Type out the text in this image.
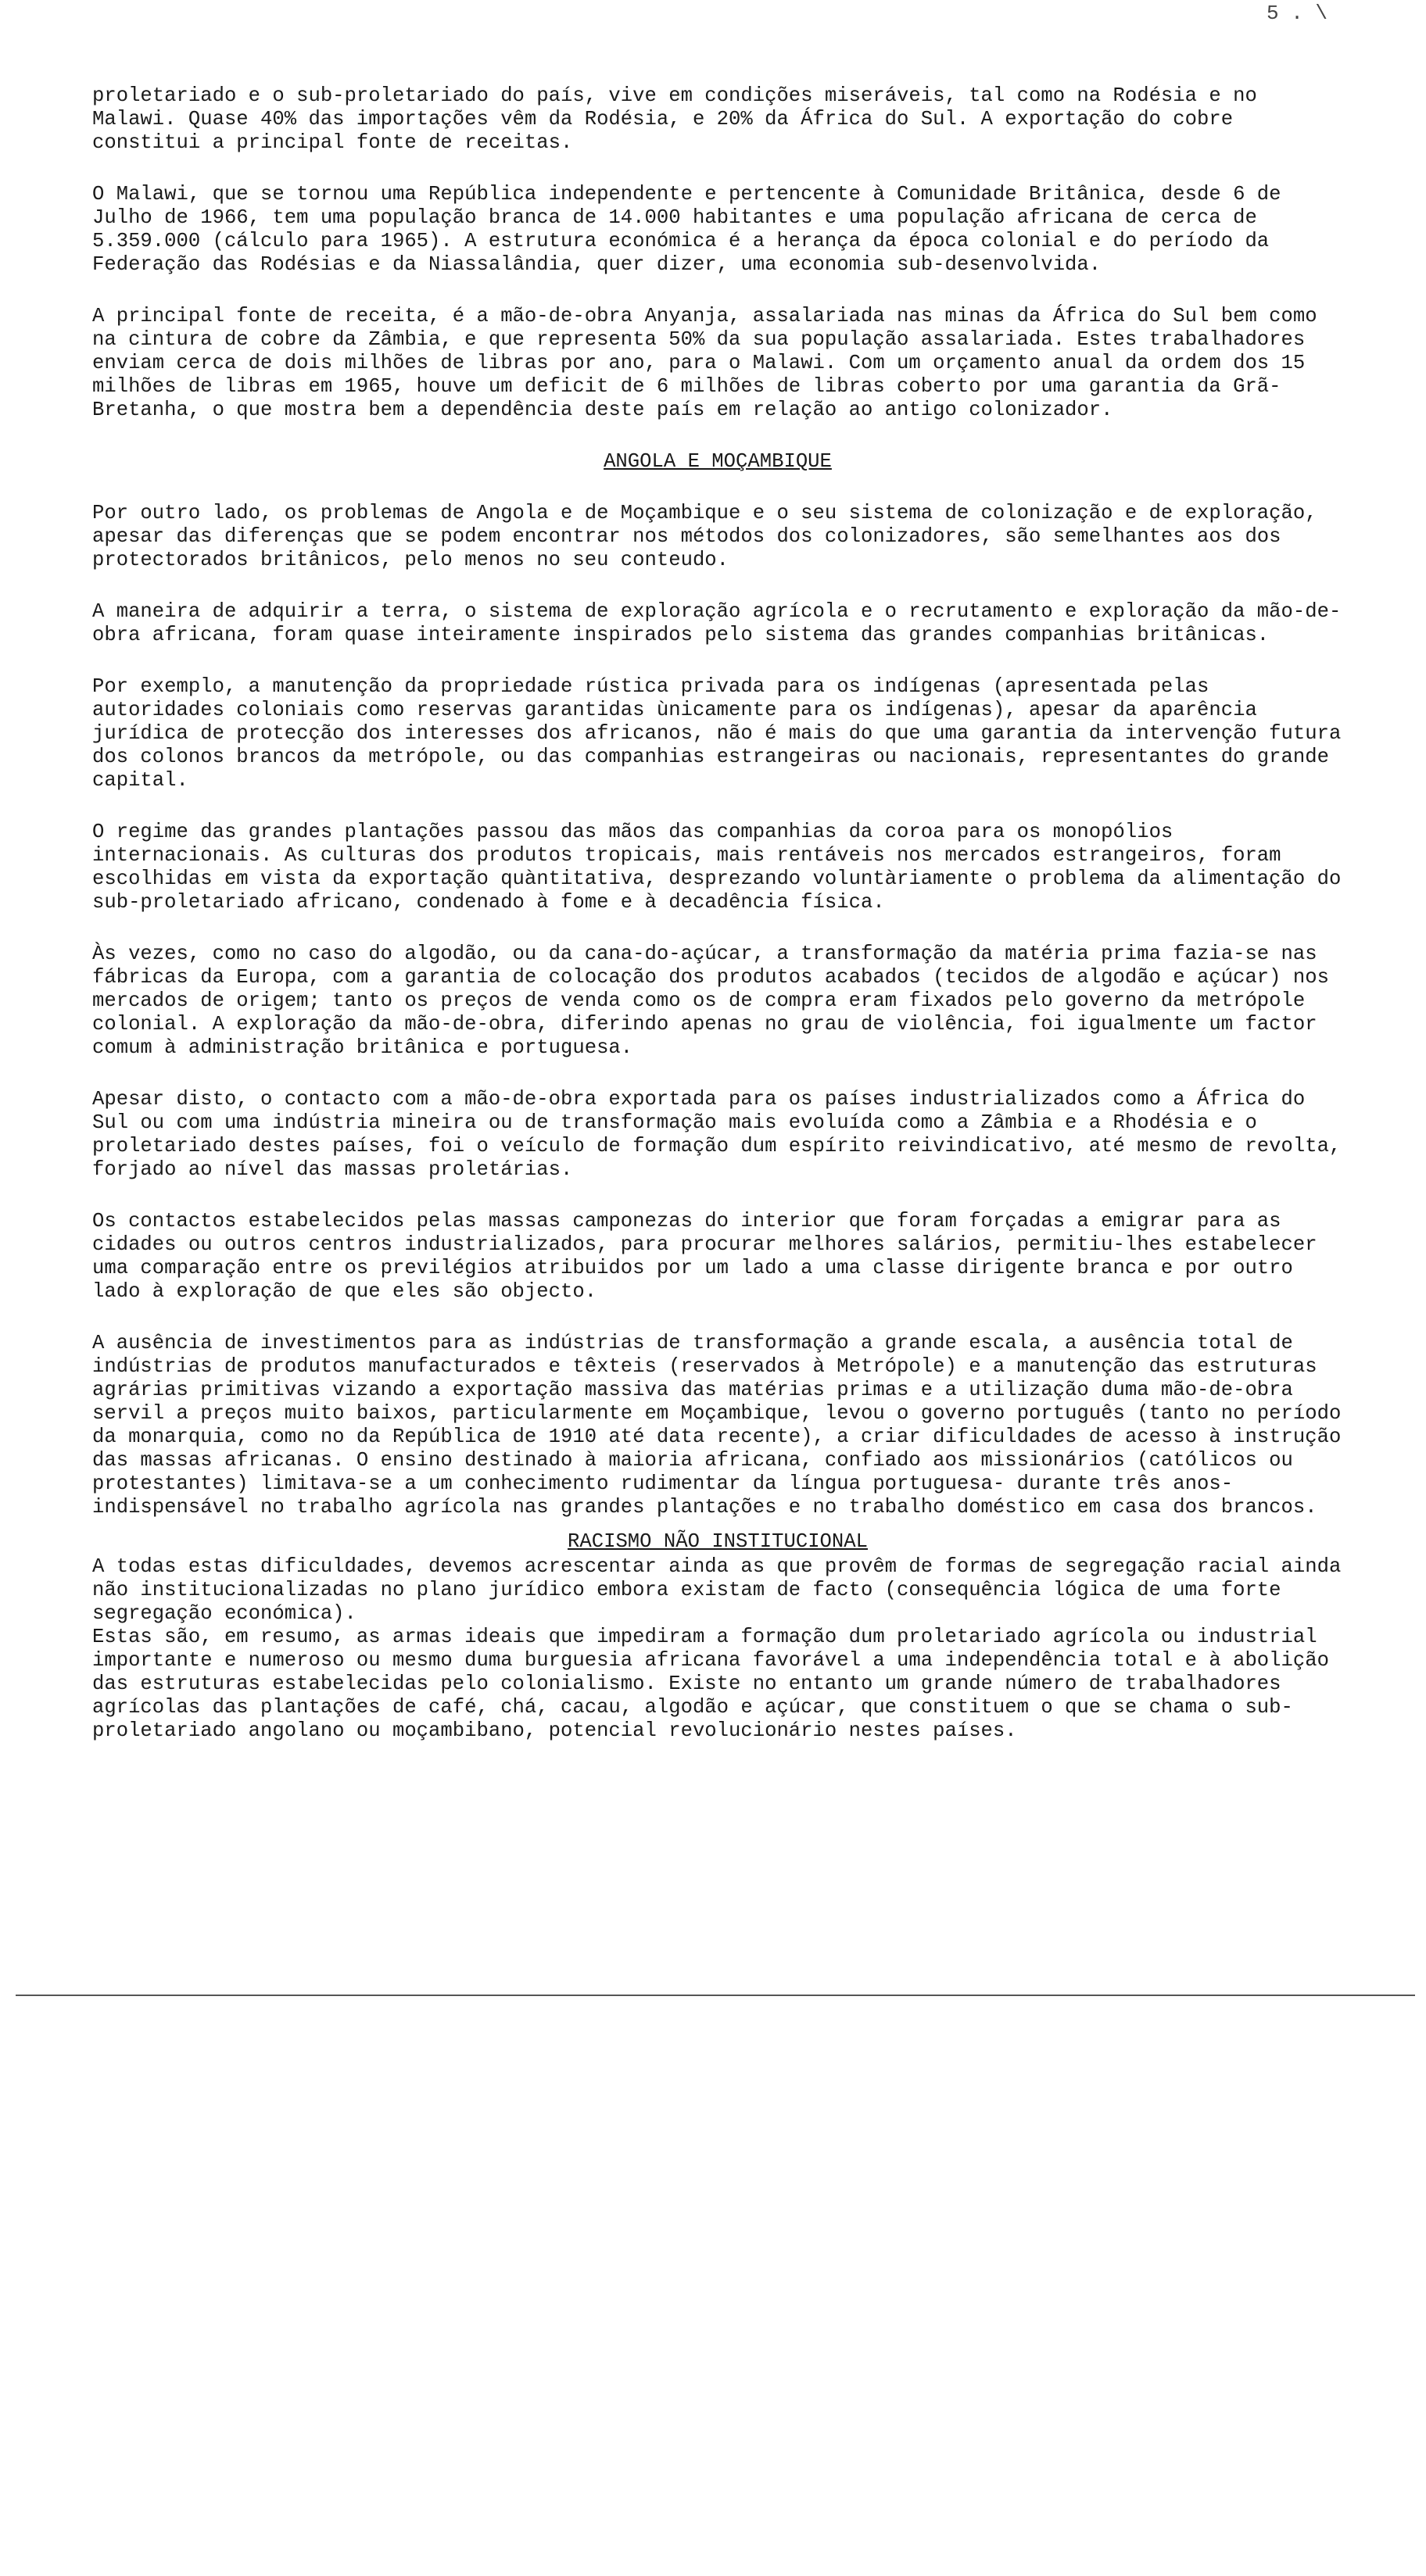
5 . \

proletariado e o sub-proletariado do país, vive em condições miseráveis, tal como na Rodésia e no Malawi. Quase 40% das importações vêm da Rodésia, e 20% da África do Sul. A exportação do cobre constitui a principal fonte de receitas.

O Malawi, que se tornou uma República independente e pertencente à Comunidade Britânica, desde 6 de Julho de 1966, tem uma população branca de 14.000 habitantes e uma população africana de cerca de 5.359.000 (cálculo para 1965). A estrutura económica é a herança da época colonial e do período da Federação das Rodésias e da Niassalândia, quer dizer, uma economia sub-desenvolvida.

A principal fonte de receita, é a mão-de-obra Anyanja, assalariada nas minas da África do Sul bem como na cintura de cobre da Zâmbia, e que representa 50% da sua população assalariada. Estes trabalhadores enviam cerca de dois milhões de libras por ano, para o Malawi. Com um orçamento anual da ordem dos 15 milhões de libras em 1965, houve um deficit de 6 milhões de libras coberto por uma garantia da Grã-Bretanha, o que mostra bem a dependência deste país em relação ao antigo colonizador.

ANGOLA E MOÇAMBIQUE

Por outro lado, os problemas de Angola e de Moçambique e o seu sistema de colonização e de exploração, apesar das diferenças que se podem encontrar nos métodos dos colonizadores, são semelhantes aos dos protectorados britânicos, pelo menos no seu conteudo.

A maneira de adquirir a terra, o sistema de exploração agrícola e o recrutamento e exploração da mão-de-obra africana, foram quase inteiramente inspirados pelo sistema das grandes companhias britânicas.

Por exemplo, a manutenção da propriedade rústica privada para os indígenas (apresentada pelas autoridades coloniais como reservas garantidas ùnicamente para os indígenas), apesar da aparência jurídica de protecção dos interesses dos africanos, não é mais do que uma garantia da intervenção futura dos colonos brancos da metrópole, ou das companhias estrangeiras ou nacionais, representantes do grande capital.

O regime das grandes plantações passou das mãos das companhias da coroa para os monopólios internacionais. As culturas dos produtos tropicais, mais rentáveis nos mercados estrangeiros, foram escolhidas em vista da exportação quàntitativa, desprezando voluntàriamente o problema da alimentação do sub-proletariado africano, condenado à fome e à decadência física.

Às vezes, como no caso do algodão, ou da cana-do-açúcar, a transformação da matéria prima fazia-se nas fábricas da Europa, com a garantia de colocação dos produtos acabados (tecidos de algodão e açúcar) nos mercados de origem; tanto os preços de venda como os de compra eram fixados pelo governo da metrópole colonial. A exploração da mão-de-obra, diferindo apenas no grau de violência, foi igualmente um factor comum à administração britânica e portuguesa.

Apesar disto, o contacto com a mão-de-obra exportada para os países industrializados como a África do Sul ou com uma indústria mineira ou de transformação mais evoluída como a Zâmbia e a Rhodésia e o proletariado destes países, foi o veículo de formação dum espírito reivindicativo, até mesmo de revolta, forjado ao nível das massas proletárias.

Os contactos estabelecidos pelas massas camponezas do interior que foram forçadas a emigrar para as cidades ou outros centros industrializados, para procurar melhores salários, permitiu-lhes estabelecer uma comparação entre os previlégios atribuidos por um lado a uma classe dirigente branca e por outro lado à exploração de que eles são objecto.

A ausência de investimentos para as indústrias de transformação a grande escala, a ausência total de indústrias de produtos manufacturados e têxteis (reservados à Metrópole) e a manutenção das estruturas agrárias primitivas vizando a exportação massiva das matérias primas e a utilização duma mão-de-obra servil a preços muito baixos, particularmente em Moçambique, levou o governo português (tanto no período da monarquia, como no da República de 1910 até data recente), a criar dificuldades de acesso à instrução das massas africanas. O ensino destinado à maioria africana, confiado aos missionários (católicos ou protestantes) limitava-se a um conhecimento rudimentar da língua portuguesa- durante três anos- indispensável no trabalho agrícola nas grandes plantações e no trabalho doméstico em casa dos brancos.

RACISMO NÃO INSTITUCIONAL

A todas estas dificuldades, devemos acrescentar ainda as que provêm de formas de segregação racial ainda não institucionalizadas no plano jurídico embora existam de facto (consequência lógica de uma forte segregação económica).

Estas são, em resumo, as armas ideais que impediram a formação dum proletariado agrícola ou industrial importante e numeroso ou mesmo duma burguesia africana favorável a uma independência total e à abolição das estruturas estabelecidas pelo colonialismo. Existe no entanto um grande número de trabalhadores agrícolas das plantações de café, chá, cacau, algodão e açúcar, que constituem o que se chama o sub-proletariado angolano ou moçambibano, potencial revolucionário nestes países.
